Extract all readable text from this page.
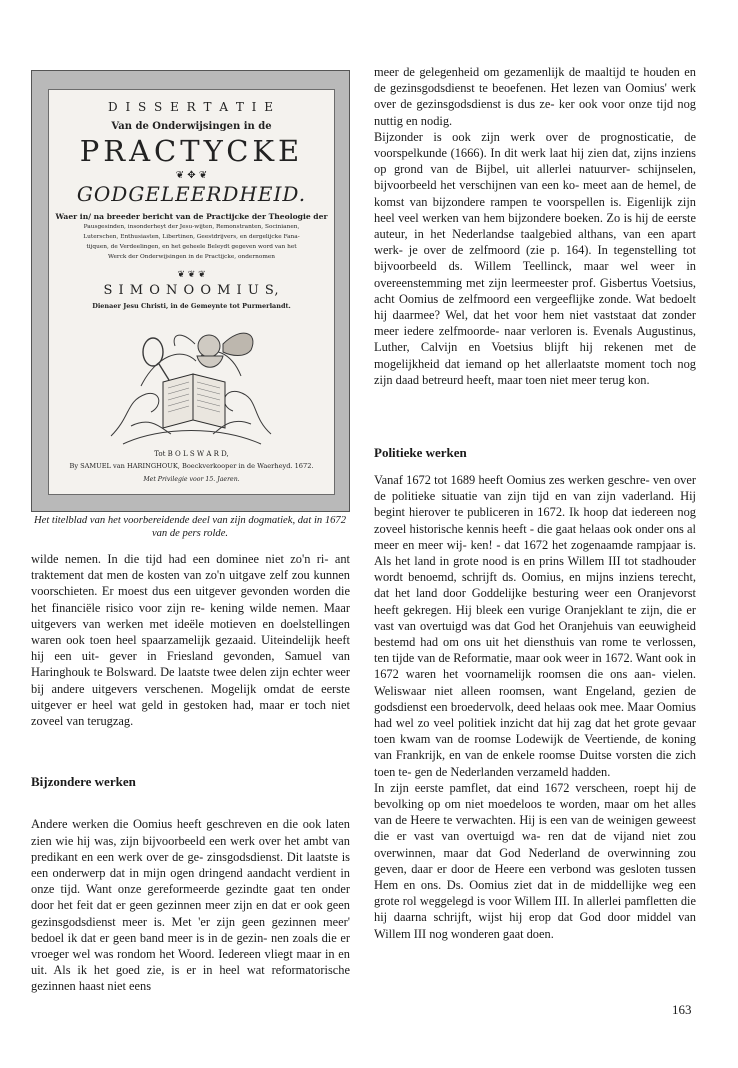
D I S S E R T A T I E
Van de Onderwijsingen in de
PRACTYCKE
❦ ✥ ❦
GODGELEERDHEID.
Waer in/ na breeder bericht van de Practijcke der Theologie der
Pausgesinden, insonderheyt der Jesu-wijten, Remonstranten, Socinianen,
Luterschen, Enthusiasten, Libertinen, Geestdrijvers, en dergelijcke Fana-
tijquen, de Verdeelingen, en het geheele Beleydt gegeven word van het
Werck der Onderwijsingen in de Practijcke, ondernomen
❦ ❦ ❦
S I M O N O O M I U S,
Dienaer Jesu Christi, in de Gemeynte tot Purmerlandt.
Tot B O L S W A R D,
By SAMUEL van HARINGHOUK, Boeckverkooper in de Waerheyd. 1672.
Met Privilegie voor 15. Jaeren.
Het titelblad van het voorbereidende deel van zijn dogmatiek, dat in 1672 van de pers rolde.

wilde nemen. In die tijd had een dominee niet zo'n ri- ant traktement dat men de kosten van zo'n uitgave zelf zou kunnen voorschieten. Er moest dus een uitgever gevonden worden die het financiële risico voor zijn re- kening wilde nemen. Maar uitgevers van werken met ideële motieven en doelstellingen waren ook toen heel spaarzamelijk gezaaid. Uiteindelijk heeft hij een uit- gever in Friesland gevonden, Samuel van Haringhouk te Bolsward. De laatste twee delen zijn echter weer bij andere uitgevers verschenen. Mogelijk omdat de eerste uitgever er heel wat geld in gestoken had, maar er toch niet zoveel van terugzag.

Bijzondere werken

Andere werken die Oomius heeft geschreven en die ook laten zien wie hij was, zijn bijvoorbeeld een werk over het ambt van predikant en een werk over de ge- zinsgodsdienst. Dit laatste is een onderwerp dat in mijn ogen dringend aandacht verdient in onze tijd. Want onze gereformeerde gezindte gaat ten onder door het feit dat er geen gezinnen meer zijn en dat er ook geen gezinsgodsdienst meer is. Met 'er zijn geen gezinnen meer' bedoel ik dat er geen band meer is in de gezin- nen zoals die er vroeger wel was rondom het Woord. Iedereen vliegt maar in en uit. Als ik het goed zie, is er in heel wat reformatorische gezinnen haast niet eens

meer de gelegenheid om gezamenlijk de maaltijd te houden en de gezinsgodsdienst te beoefenen. Het lezen van Oomius' werk over de gezinsgodsdienst is dus ze- ker ook voor onze tijd nog nuttig en nodig.

Bijzonder is ook zijn werk over de prognosticatie, de voorspelkunde (1666). In dit werk laat hij zien dat, zijns inziens op grond van de Bijbel, uit allerlei natuurver- schijnselen, bijvoorbeeld het verschijnen van een ko- meet aan de hemel, de komst van bijzondere rampen te voorspellen is. Eigenlijk zijn heel veel werken van hem bijzondere boeken. Zo is hij de eerste auteur, in het Nederlandse taalgebied althans, van een apart werk- je over de zelfmoord (zie p. 164). In tegenstelling tot bijvoorbeeld ds. Willem Teellinck, maar wel weer in overeenstemming met zijn leermeester prof. Gisbertus Voetsius, acht Oomius de zelfmoord een vergeeflijke zonde. Wat bedoelt hij daarmee? Wel, dat het voor hem niet vaststaat dat zonder meer iedere zelfmoorde- naar verloren is. Evenals Augustinus, Luther, Calvijn en Voetsius blijft hij rekenen met de mogelijkheid dat iemand op het allerlaatste moment toch nog zijn daad betreurd heeft, maar toen niet meer terug kon.

Politieke werken

Vanaf 1672 tot 1689 heeft Oomius zes werken geschre- ven over de politieke situatie van zijn tijd en van zijn vaderland. Hij begint hierover te publiceren in 1672. Ik hoop dat iedereen nog zoveel historische kennis heeft - die gaat helaas ook onder ons al meer en meer wij- ken! - dat 1672 het zogenaamde rampjaar is. Als het land in grote nood is en prins Willem III tot stadhouder wordt benoemd, schrijft ds. Oomius, en mijns inziens terecht, dat het land door Goddelijke besturing weer een Oranjevorst heeft gekregen. Hij bleek een vurige Oranjeklant te zijn, die er vast van overtuigd was dat God het Oranjehuis van eeuwigheid bestemd had om ons uit het diensthuis van rome te verlossen, ten tijde van de Reformatie, maar ook weer in 1672. Want ook in 1672 waren het voornamelijk roomsen die ons aan- vielen. Weliswaar niet alleen roomsen, want Engeland, gezien de godsdienst een broedervolk, deed helaas ook mee. Maar Oomius had wel zo veel politiek inzicht dat hij zag dat het grote gevaar toen kwam van de roomse Lodewijk de Veertiende, de koning van Frankrijk, en van de enkele roomse Duitse vorsten die zich toen te- gen de Nederlanden verzameld hadden.

In zijn eerste pamflet, dat eind 1672 verscheen, roept hij de bevolking op om niet moedeloos te worden, maar om het alles van de Heere te verwachten. Hij is een van de weinigen geweest die er vast van overtuigd wa- ren dat de vijand niet zou overwinnen, maar dat God Nederland de overwinning zou geven, daar er door de Heere een verbond was gesloten tussen Hem en ons. Ds. Oomius ziet dat in de middellijke weg een grote rol weggelegd is voor Willem III. In allerlei pamfletten die hij daarna schrijft, wijst hij erop dat God door middel van Willem III nog wonderen gaat doen.

163
